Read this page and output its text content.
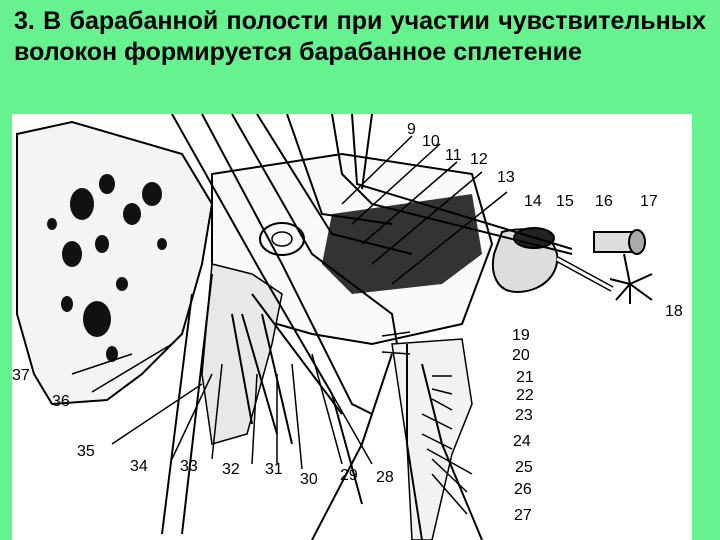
3. В барабанной полости при участии чувствительных волокон формируется барабанное сплетение
9
10
11 12
13
14 15 16 17
18
19
20
21
22
23
24
25
26
27
28
29
30
31
32
33
34
35
36
37
